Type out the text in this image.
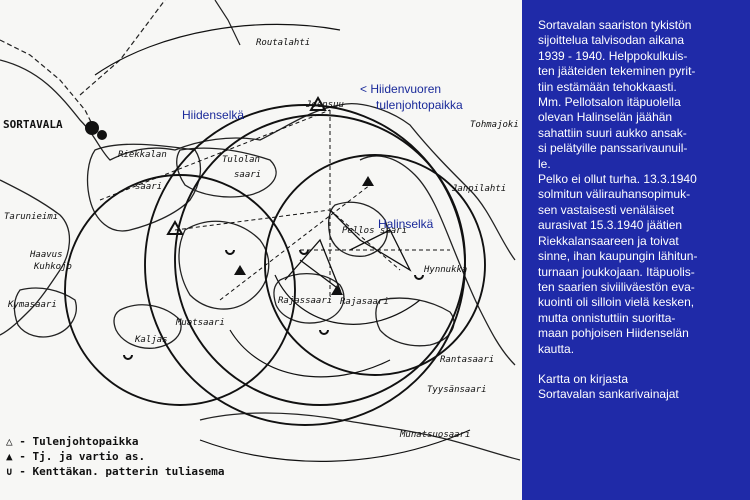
SORTAVALA
Routalahti
Riekkalan
saari
Tarunieimi
Tulolan
saari
Joensuu
Haavus
Kuhkojo
Muatsaari
Kaljas
Rajassaari Rajasaari
Hynnukka
Rantasaari
Tyysänsaari
Munatsuosaari
Kymasaari
Pellos saari
Janpilahti
Tohmajoki
Hiidenselkä
< Hiidenvuoren
tulenjohtopaikka
Halinselkä
△ - Tulenjohtopaikka
▲ - Tj. ja vartio as.
∪ - Kenttäkan. patterin tuliasema

Sortavalan saariston tykistön
sijoittelua talvisodan aikana
1939 - 1940. Helppokulkuis-
ten jääteiden tekeminen pyrit-
tiin estämään tehokkaasti.
Mm. Pellotsalon itäpuolella
olevan Halinselän jäähän
sahattiin suuri aukko ansak-
si pelätyille panssarivaunuil-
le.

Pelko ei ollut turha. 13.3.1940
solmitun välirauhansopimuk-
sen vastaisesti venäläiset
aurasivat 15.3.1940 jäätien
Riekkalansaareen ja toivat
sinne, ihan kaupungin lähitun-
turnaan joukkojaan. Itäpuolis-
ten saarien siviiliväestön eva-
kuointi oli silloin vielä kesken,
mutta onnistuttiin suoritta-
maan pohjoisen Hiidenselän
kautta.

Kartta on kirjasta
Sortavalan sankarivainajat
